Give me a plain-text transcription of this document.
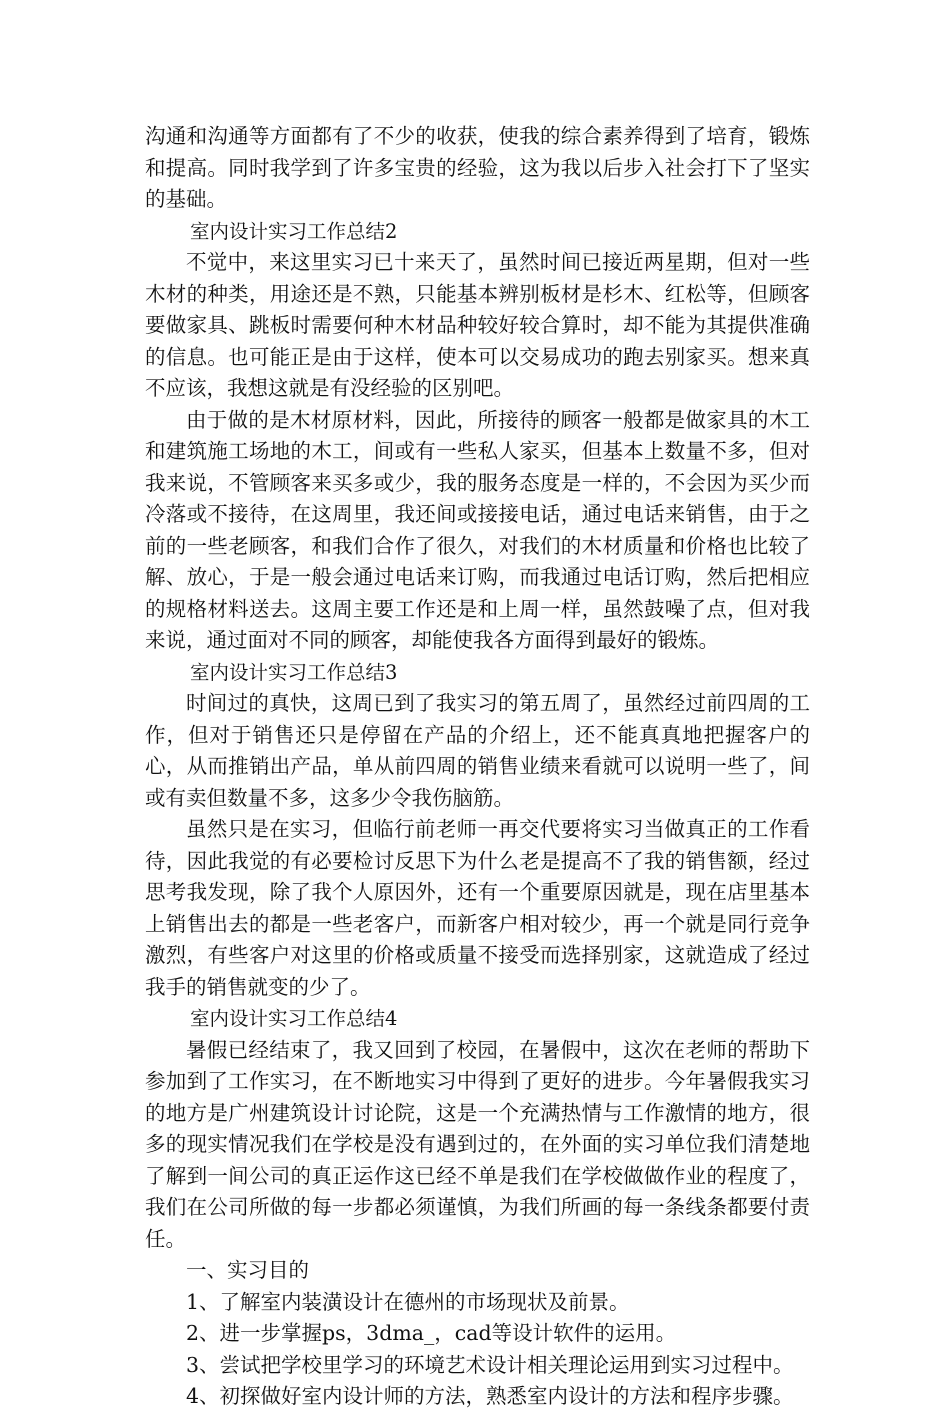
沟通和沟通等方面都有了不少的收获，使我的综合素养得到了培育，锻炼和提高。同时我学到了许多宝贵的经验，这为我以后步入社会打下了坚实的基础。

室内设计实习工作总结2

不觉中，来这里实习已十来天了，虽然时间已接近两星期，但对一些木材的种类，用途还是不熟，只能基本辨别板材是杉木、红松等，但顾客要做家具、跳板时需要何种木材品种较好较合算时，却不能为其提供准确的信息。也可能正是由于这样，使本可以交易成功的跑去别家买。想来真不应该，我想这就是有没经验的区别吧。

由于做的是木材原材料，因此，所接待的顾客一般都是做家具的木工和建筑施工场地的木工，间或有一些私人家买，但基本上数量不多，但对我来说，不管顾客来买多或少，我的服务态度是一样的，不会因为买少而冷落或不接待，在这周里，我还间或接接电话，通过电话来销售，由于之前的一些老顾客，和我们合作了很久，对我们的木材质量和价格也比较了解、放心，于是一般会通过电话来订购，而我通过电话订购，然后把相应的规格材料送去。这周主要工作还是和上周一样，虽然鼓噪了点，但对我来说，通过面对不同的顾客，却能使我各方面得到最好的锻炼。

室内设计实习工作总结3

时间过的真快，这周已到了我实习的第五周了，虽然经过前四周的工作，但对于销售还只是停留在产品的介绍上，还不能真真地把握客户的心，从而推销出产品，单从前四周的销售业绩来看就可以说明一些了，间或有卖但数量不多，这多少令我伤脑筋。

虽然只是在实习，但临行前老师一再交代要将实习当做真正的工作看待，因此我觉的有必要检讨反思下为什么老是提高不了我的销售额，经过思考我发现，除了我个人原因外，还有一个重要原因就是，现在店里基本上销售出去的都是一些老客户，而新客户相对较少，再一个就是同行竞争激烈，有些客户对这里的价格或质量不接受而选择别家，这就造成了经过我手的销售就变的少了。

室内设计实习工作总结4

暑假已经结束了，我又回到了校园，在暑假中，这次在老师的帮助下参加到了工作实习，在不断地实习中得到了更好的进步。今年暑假我实习的地方是广州建筑设计讨论院，这是一个充满热情与工作激情的地方，很多的现实情况我们在学校是没有遇到过的，在外面的实习单位我们清楚地了解到一间公司的真正运作这已经不单是我们在学校做做作业的程度了，我们在公司所做的每一步都必须谨慎，为我们所画的每一条线条都要付责任。

一、实习目的

1、了解室内装潢设计在德州的市场现状及前景。

2、进一步掌握ps，3dma_，cad等设计软件的运用。

3、尝试把学校里学习的环境艺术设计相关理论运用到实习过程中。

4、初探做好室内设计师的方法，熟悉室内设计的方法和程序步骤。
